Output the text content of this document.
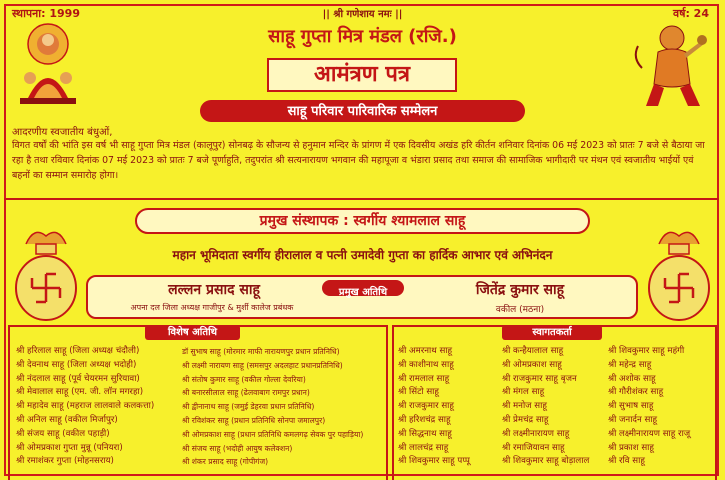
स्थापना: 1999	|| श्री गणेशाय नमः ||	वर्ष: 24
साहू गुप्ता मित्र मंडल (रजि.)
आमंत्रण पत्र
साहू परिवार पारिवारिक सम्मेलन
आदरणीय स्वजातीय बंधुओं,
विगत वर्षों की भांति इस वर्ष भी साहू गुप्ता मित्र मंडल (कालूपुर) सोनबढ़ के सौजन्य से हनुमान मन्दिर के प्रांगण में एक दिवसीय अखंड हरि कीर्तन शनिवार दिनांक 06 मई 2023 को प्रातः 7 बजे से बैठाया जा रहा है तथा रविवार दिनांक 07 मई 2023 को प्रातः 7 बजे पूर्णाहुति, तदुपरांत श्री सत्यनारायण भगवान की महापूजा व भंडारा प्रसाद तथा समाज की सामाजिक भागीदारी पर मंथन एवं स्वजातीय भाईयों एवं बहनों का सम्मान समारोह होगा।
प्रमुख संस्थापक : स्वर्गीय श्यामलाल साहू
महान भूमिदाता स्वर्गीय हीरालाल व पत्नी उमादेवी गुप्ता का हार्दिक आभार एवं अभिनंदन
प्रमुख अतिथि
लल्लन प्रसाद साहू
अपना दल जिला अध्यक्ष गाजीपुर & मुर्शी कालेज प्रबंधक
जितेंद्र कुमार साहू
वकील (मठना)
विशेष अतिथि
श्री हरिलाल साहू (जिला अध्यक्ष चंदौली)
श्री देवनाथ साहू (जिला अध्यक्ष भदोही)
श्री नंदलाल साहू (पूर्व चेयरमन सुरियावा)
श्री मेवालाल साहू (एम. जी. लॉन मगरहा)
श्री महादेव साहू (महराज लालवाले कलकत्ता)
श्री अनिल साहू (वकील मिर्जापुर)
श्री संजय साहू (वकील पहाड़ी)
श्री ओमप्रकाश गुप्ता मुन्नू (पनियरा)
श्री रमाशंकर गुप्ता (मोहनसराय)
डॉ सुभाष साहू (मोरमार माफी नारायणपुर प्रधान प्रतिनिधि)
श्री लक्ष्मी नारायण साहू (समसपुर अदलहाट प्रधानप्रतिनिधि)
श्री संतोष कुमार साहू (वकील गोल्ला देवरिया)
श्री बनारसीलाल साहू (ढेलवाबाग रामपुर प्रधान)
श्री द्वीनानाथ साहू (जमुई डेहरवा प्रधान प्रतिनिधि)
श्री रविशंकर साहू (प्रधान प्रतिनिधि सोनपा जमालपुर)
श्री ओमप्रकाश साहू (प्रधान प्रतिनिधि कमलगढ़ सेवक पुर पहाड़िया)
श्री संजय साहू (भदोही आयुष कलेक्शन)
श्री शंकर प्रसाद साहू (गोपीगंज)
स्वागतकर्ता
श्री अमरनाथ साहू
श्री काशीनाथ साहू
श्री रामलाल साहू
श्री सिंटो साहू
श्री राजकुमार साहू
श्री हरिशचंद्र साहू
श्री सिद्धनाथ साहू
श्री लालचंद्र साहू
श्री शिवकुमार साहू पप्पू
श्री कन्हैयालाल साहू
श्री ओमप्रकाश साहू
श्री राजकुमार साहू बृजन
श्री मंगल साहू
श्री मनोज साहू
श्री प्रेमचंद्र साहू
श्री लक्ष्मीनारायण साहू
श्री रमाजियावन साहू
श्री शिवकुमार साहू बोड़ालाल
श्री शिवकुमार साहू महंगी
श्री महेन्द्र साहू
श्री अशोक साहू
श्री गौरीशंकर साहू
श्री सुभाष साहू
श्री जनार्दन साहू
श्री लक्ष्मीनारायण साहू राजू
श्री प्रकाश साहू
श्री रवि साहू
